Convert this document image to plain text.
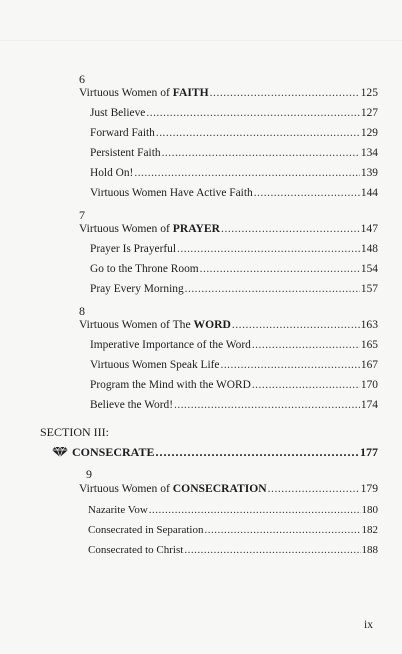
6
Virtuous Women of FAITH .....	125
Just Believe .....	127
Forward Faith .....	129
Persistent Faith .....	134
Hold On! .....	139
Virtuous Women Have Active Faith .....	144
7
Virtuous Women of PRAYER .....	147
Prayer Is Prayerful .....	148
Go to the Throne Room .....	154
Pray Every Morning .....	157
8
Virtuous Women of The WORD .....	163
Imperative Importance of the Word .....	165
Virtuous Women Speak Life .....	167
Program the Mind with the WORD .....	170
Believe the Word! .....	174
SECTION III:
CONSECRATE .....	177
9
Virtuous Women of CONSECRATION .....	179
Nazarite Vow .....	180
Consecrated in Separation .....	182
Consecrated to Christ .....	188
ix
